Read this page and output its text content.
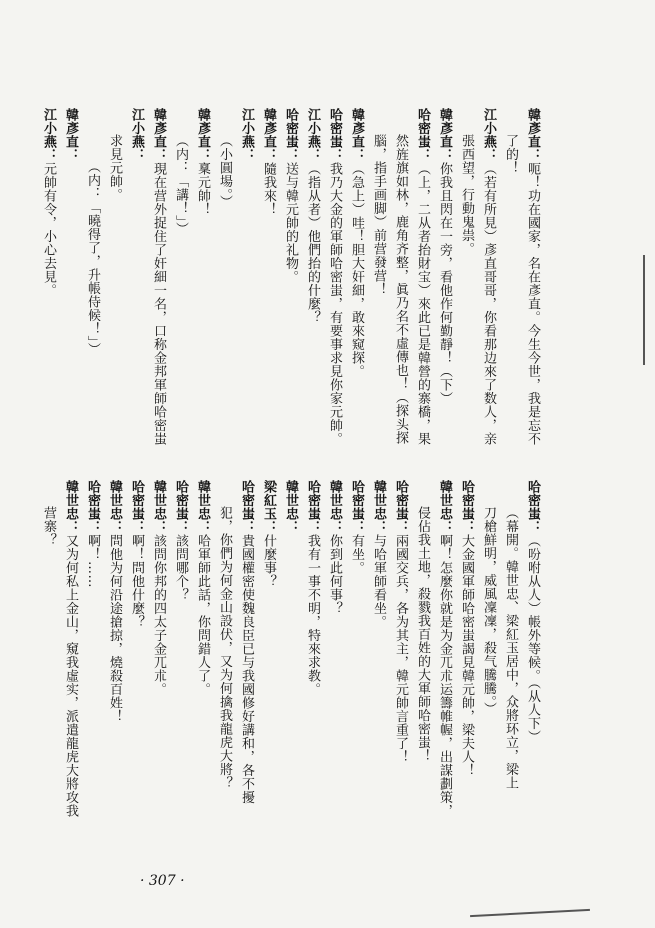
韓彥直：呃！功在國家，名在彥直。今生今世，我是忘不
了的！
江小燕：（若有所見）彥直哥哥，你看那边來了数人，亲
張西望，行動鬼祟。
韓彥直：你我且閃在一旁，看他作何勤靜！（下）
哈密蚩：（上，二从者抬財宝）來此已是韓營的寨橋，果
然旌旗如林，鹿角齐整，眞乃名不虛傳也！（探头探
腦，指手画脚）前营發营！
韓彥直：（急上）哇！胆大奸細，敢來窥探。
哈密蚩：我乃大金的軍師哈密蚩，有要事求見你家元帥。
江小燕：（指从者）他們抬的什麼？
哈密蚩：送与韓元帥的礼物。
韓彥直：隨我來！
江小燕：
（小圓場。）
韓彥直：稟元帥！
（内：「講！」）
韓彥直：現在营外捉住了奸細一名，口称金邦軍師哈密蚩
江小燕：
求見元帥。
（内：「曉得了，升帳侍候！」）
韓彥直：
江小燕：元帥有令，小心去見。
哈密蚩：（吩咐从人）帳外等候。（从人下）
（幕開。韓世忠、梁紅玉居中，众將环立，梁上
刀槍鮮明，威風凜凜，殺气騰騰。）
哈密蚩：大金國軍師哈密蚩謁見韓元帥，梁夫人！
韓世忠：啊！怎麼你就是为金兀朮运籌帷幄，出謀劃策，
侵佔我土地，殺戮我百姓的大軍師哈密蚩！
哈密蚩：兩國交兵，各为其主，韓元帥言重了！
韓世忠：与哈軍師看坐。
哈密蚩：有坐。
韓世忠：你到此何事？
哈密蚩：我有一事不明，特來求教。
韓世忠：
梁紅玉：什麼事？
哈密蚩：貴國權密使魏良臣已与我國修好講和，各不擾
犯，你們为何金山設伏，又为何擒我龍虎大將？
韓世忠：哈軍師此話，你問錯人了。
哈密蚩：該問哪个？
韓世忠：該問你邦的四太子金兀朮。
哈密蚩：啊！問他什麼？
韓世忠：問他为何沿途搶掠，燒殺百姓！
哈密蚩：啊！……
韓世忠：又为何私上金山，窺我虛实，派遣龍虎大將攻我
营寨？
· 307 ·
